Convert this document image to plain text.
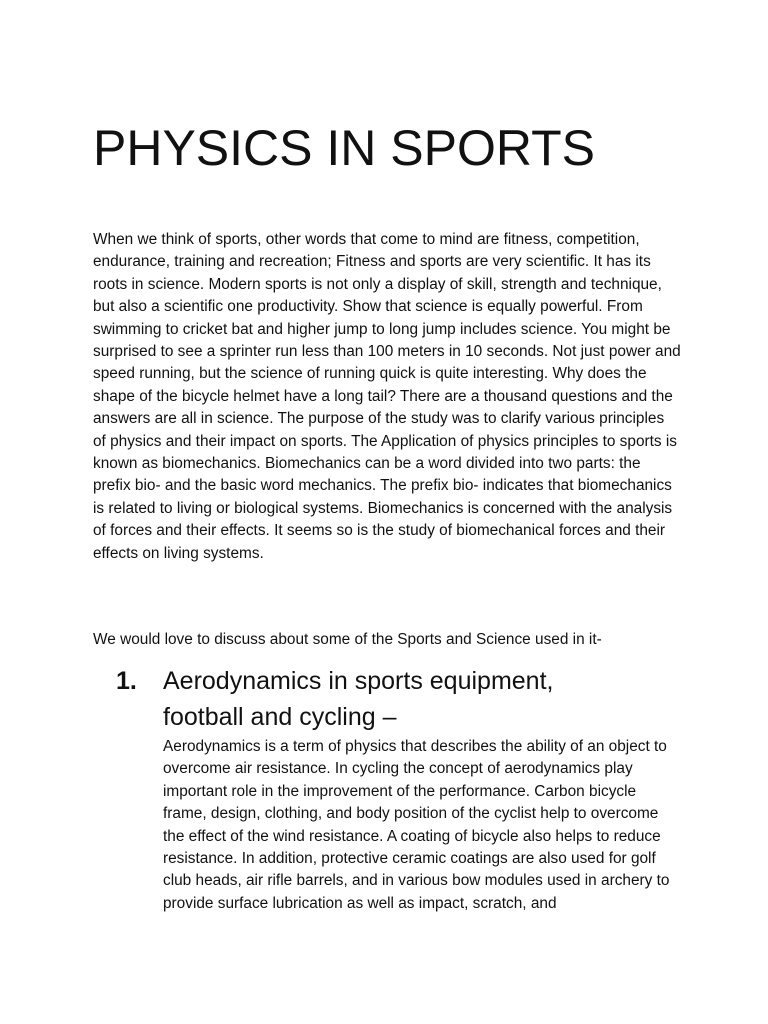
PHYSICS IN SPORTS

When we think of sports, other words that come to mind are fitness, competition, endurance, training and recreation; Fitness and sports are very scientific. It has its roots in science. Modern sports is not only a display of skill, strength and technique, but also a scientific one productivity. Show that science is equally powerful. From swimming to cricket bat and higher jump to long jump includes science. You might be surprised to see a sprinter run less than 100 meters in 10 seconds. Not just power and speed running, but the science of running quick is quite interesting. Why does the shape of the bicycle helmet have a long tail? There are a thousand questions and the answers are all in science. The purpose of the study was to clarify various principles of physics and their impact on sports. The Application of physics principles to sports is known as biomechanics. Biomechanics can be a word divided into two parts: the prefix bio- and the basic word mechanics. The prefix bio- indicates that biomechanics is related to living or biological systems. Biomechanics is concerned with the analysis of forces and their effects. It seems so is the study of biomechanical forces and their effects on living systems.

We would love to discuss about some of the Sports and Science used in it-

1. Aerodynamics in sports equipment, football and cycling –

Aerodynamics is a term of physics that describes the ability of an object to overcome air resistance. In cycling the concept of aerodynamics play important role in the improvement of the performance. Carbon bicycle frame, design, clothing, and body position of the cyclist help to overcome the effect of the wind resistance. A coating of bicycle also helps to reduce resistance. In addition, protective ceramic coatings are also used for golf club heads, air rifle barrels, and in various bow modules used in archery to provide surface lubrication as well as impact, scratch, and
